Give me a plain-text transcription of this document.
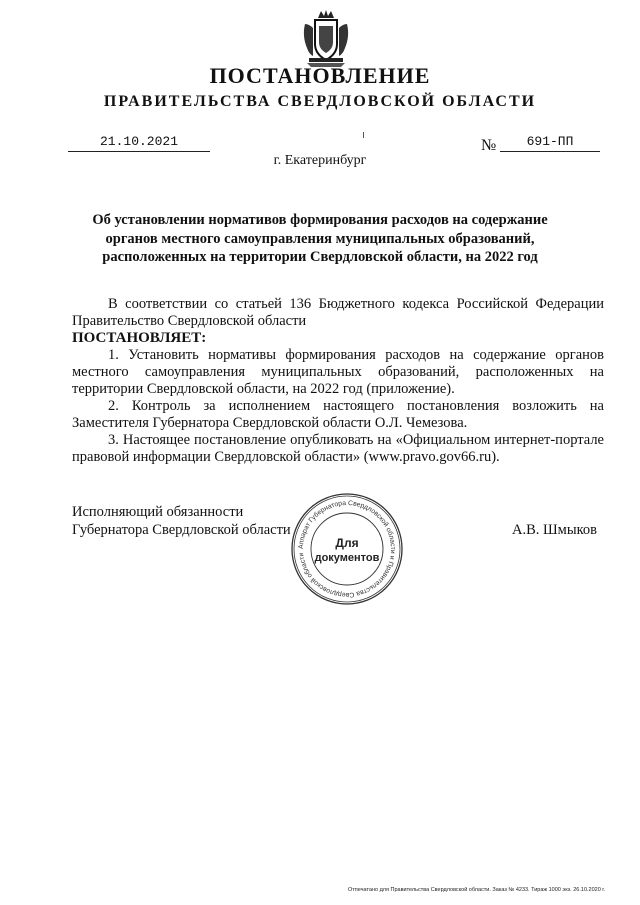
ПОСТАНОВЛЕНИЕ
ПРАВИТЕЛЬСТВА СВЕРДЛОВСКОЙ ОБЛАСТИ
21.10.2021	№	691-ПП
г. Екатеринбург
Об установлении нормативов формирования расходов на содержание
органов местного самоуправления муниципальных образований,
расположенных на территории Свердловской области, на 2022 год

В соответствии со статьей 136 Бюджетного кодекса Российской Федерации Правительство Свердловской области

ПОСТАНОВЛЯЕТ:

1. Установить нормативы формирования расходов на содержание органов местного самоуправления муниципальных образований, расположенных на территории Свердловской области, на 2022 год (приложение).

2. Контроль за исполнением настоящего постановления возложить на Заместителя Губернатора Свердловской области О.Л. Чемезова.

3. Настоящее постановление опубликовать на «Официальном интернет-портале правовой информации Свердловской области» (www.pravo.gov66.ru).

Исполняющий обязанности
Губернатора Свердловской области	А.В. Шмыков
Аппарат Губернатора Свердловской области и Правительства Свердловской области
Для
документов
Отпечатано для Правительства Свердловской области. Заказ № 4233. Тираж 1000 экз. 26.10.2020 г.
